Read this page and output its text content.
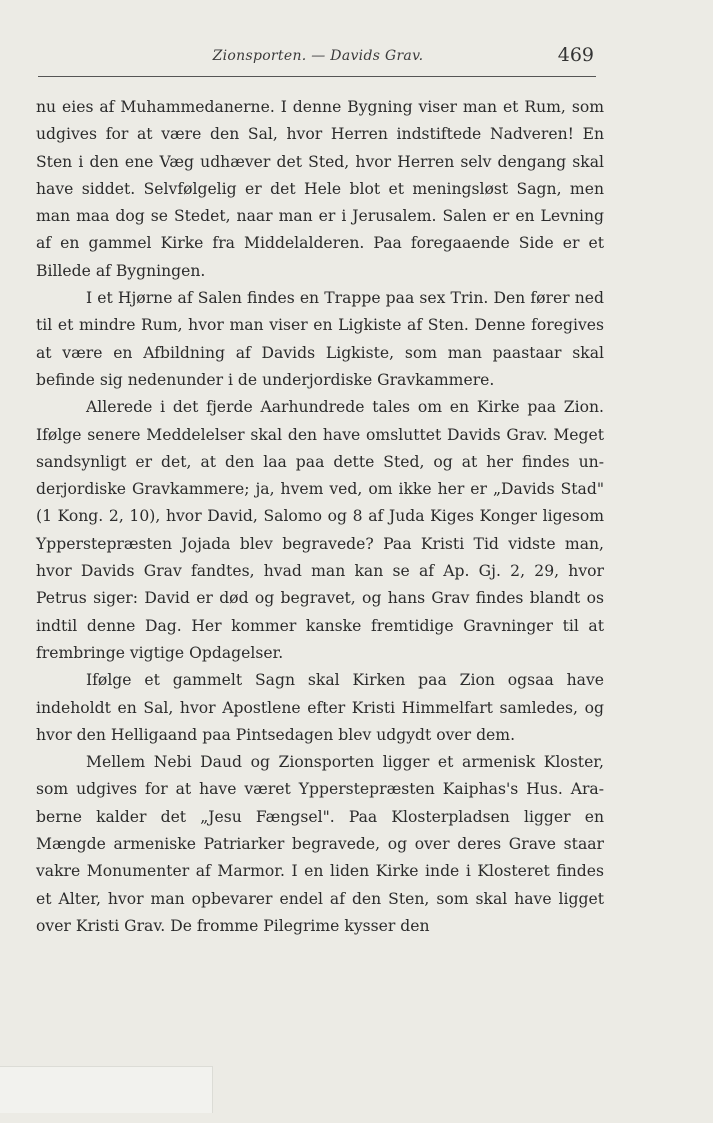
Zionsporten. — Davids Grav.	469

nu eies af Muhammedanerne. I denne Bygning viser man et Rum, som udgives for at være den Sal, hvor Herren indstiftede Nadveren! En Sten i den ene Væg udhæver det Sted, hvor Herren selv dengang skal have siddet. Selvfølgelig er det Hele blot et meningsløst Sagn, men man maa dog se Stedet, naar man er i Jerusalem. Salen er en Levning af en gammel Kirke fra Middelalderen. Paa foregaaende Side er et Billede af Bygningen.

I et Hjørne af Salen findes en Trappe paa sex Trin. Den fører ned til et mindre Rum, hvor man viser en Ligkiste af Sten. Denne foregives at være en Afbildning af Davids Ligkiste, som man paastaar skal befinde sig nedenunder i de underjordiske Gravkammere.

Allerede i det fjerde Aarhundrede tales om en Kirke paa Zion. Ifølge senere Meddelelser skal den have omsluttet Davids Grav. Meget sandsynligt er det, at den laa paa dette Sted, og at her findes underjordiske Gravkammere; ja, hvem ved, om ikke her er „Davids Stad" (1 Kong. 2, 10), hvor David, Salomo og 8 af Juda Kiges Konger ligesom Ypperstepræsten Jojada blev begravede? Paa Kristi Tid vidste man, hvor Davids Grav fandtes, hvad man kan se af Ap. Gj. 2, 29, hvor Petrus siger: David er død og begravet, og hans Grav findes blandt os indtil denne Dag. Her kommer kanske fremtidige Gravninger til at frembringe vigtige Opdagelser.

Ifølge et gammelt Sagn skal Kirken paa Zion ogsaa have indeholdt en Sal, hvor Apostlene efter Kristi Himmelfart samledes, og hvor den Helligaand paa Pintsedagen blev udgydt over dem.

Mellem Nebi Daud og Zionsporten ligger et armenisk Kloster, som udgives for at have været Ypperstepræsten Kaiphas's Hus. Araberne kalder det „Jesu Fængsel". Paa Klosterpladsen ligger en Mængde armeniske Patriarker begravede, og over deres Grave staar vakre Monumenter af Marmor. I en liden Kirke inde i Klosteret findes et Alter, hvor man opbevarer endel af den Sten, som skal have ligget over Kristi Grav. De fromme Pilegrime kysser den
